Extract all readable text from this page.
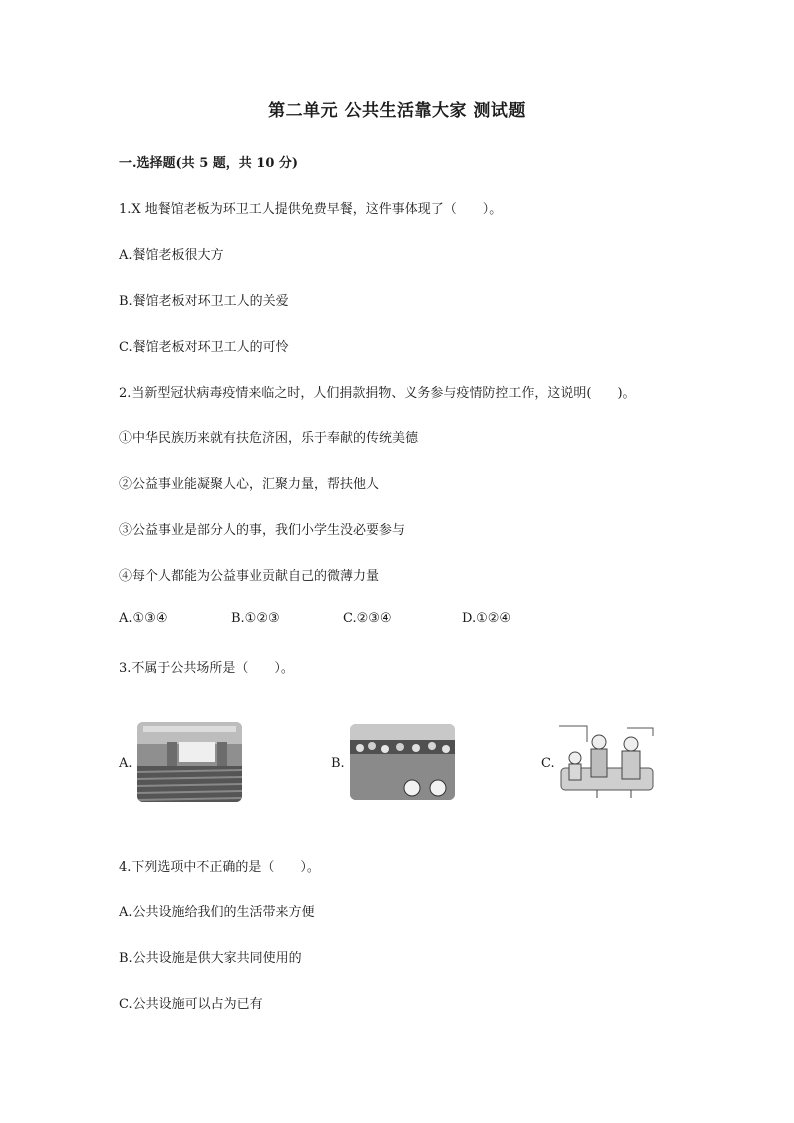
第二单元 公共生活靠大家 测试题
一.选择题(共 5 题，共 10 分)
1.X 地餐馆老板为环卫工人提供免费早餐，这件事体现了（　　）。
A.餐馆老板很大方
B.餐馆老板对环卫工人的关爱
C.餐馆老板对环卫工人的可怜
2.当新型冠状病毒疫情来临之时，人们捐款捐物、义务参与疫情防控工作，这说明(　　)。
①中华民族历来就有扶危济困，乐于奉献的传统美德
②公益事业能凝聚人心，汇聚力量，帮扶他人
③公益事业是部分人的事，我们小学生没必要参与
④每个人都能为公益事业贡献自己的微薄力量
A.①③④	B.①②③	C.②③④	D.①②④
3.不属于公共场所是（　　）。
A.	B.	C.
4.下列选项中不正确的是（　　）。
A.公共设施给我们的生活带来方便
B.公共设施是供大家共同使用的
C.公共设施可以占为已有
